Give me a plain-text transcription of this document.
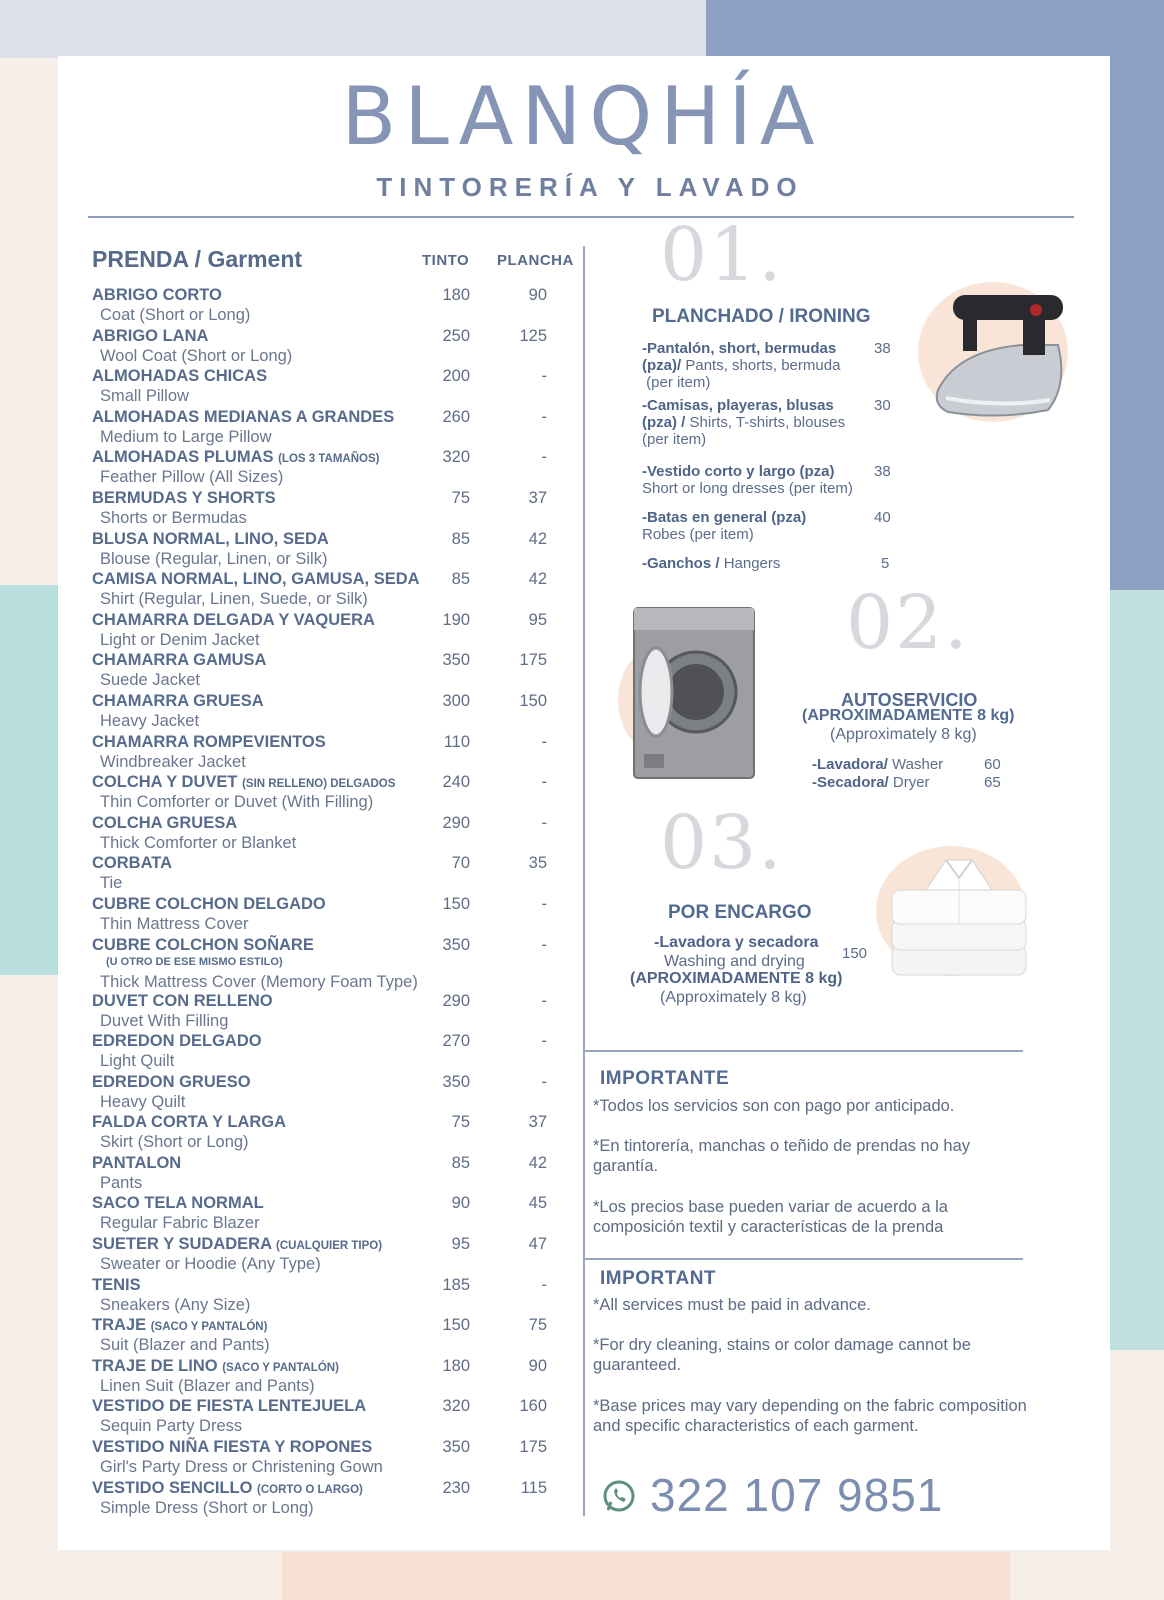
BLANQHÍA
TINTORERÍA Y LAVADO
PRENDA / Garment	TINTO PLANCHA
ABRIGO CORTO
Coat (Short or Long)
180	90
ABRIGO LANA
Wool Coat (Short or Long)
250	125
ALMOHADAS CHICAS
Small Pillow
200	-
ALMOHADAS MEDIANAS A GRANDES
Medium to Large Pillow
260	-
ALMOHADAS PLUMAS (LOS 3 TAMAÑOS)
Feather Pillow (All Sizes)
320	-
BERMUDAS Y SHORTS
Shorts or Bermudas
75	37
BLUSA NORMAL, LINO, SEDA
Blouse (Regular, Linen, or Silk)
85	42
CAMISA NORMAL, LINO, GAMUSA, SEDA
Shirt (Regular, Linen, Suede, or Silk)
85	42
CHAMARRA DELGADA Y VAQUERA
Light or Denim Jacket
190	95
CHAMARRA GAMUSA
Suede Jacket
350	175
CHAMARRA GRUESA
Heavy Jacket
300	150
CHAMARRA ROMPEVIENTOS
Windbreaker Jacket
110	-
COLCHA Y DUVET (SIN RELLENO) DELGADOS
Thin Comforter or Duvet (With Filling)
240	-
COLCHA GRUESA
Thick Comforter or Blanket
290	-
CORBATA
Tie
70	35
CUBRE COLCHON DELGADO
Thin Mattress Cover
150	-
CUBRE COLCHON SOÑARE
(U OTRO DE ESE MISMO ESTILO)
Thick Mattress Cover (Memory Foam Type)
350	-
DUVET CON RELLENO
Duvet With Filling
290	-
EDREDON DELGADO
Light Quilt
270	-
EDREDON GRUESO
Heavy Quilt
350	-
FALDA CORTA Y LARGA
Skirt (Short or Long)
75	37
PANTALON
Pants
85	42
SACO TELA NORMAL
Regular Fabric Blazer
90	45
SUETER Y SUDADERA (CUALQUIER TIPO)
Sweater or Hoodie (Any Type)
95	47
TENIS
Sneakers (Any Size)
185	-
TRAJE (SACO Y PANTALÓN)
Suit (Blazer and Pants)
150	75
TRAJE DE LINO (SACO Y PANTALÓN)
Linen Suit (Blazer and Pants)
180	90
VESTIDO DE FIESTA LENTEJUELA
Sequin Party Dress
320	160
VESTIDO NIÑA FIESTA Y ROPONES
Girl's Party Dress or Christening Gown
350	175
VESTIDO SENCILLO (CORTO O LARGO)
Simple Dress (Short or Long)
230	115
01.
PLANCHADO / IRONING
-Pantalón, short, bermudas
(pza)/ Pants, shorts, bermuda
(per item)
38
-Camisas, playeras, blusas
(pza) / Shirts, T-shirts, blouses
(per item)
30
-Vestido corto y largo (pza)
Short or long dresses (per item)
38
-Batas en general (pza)
Robes (per item)
40
-Ganchos / Hangers	5
02.
AUTOSERVICIO
(APROXIMADAMENTE 8 kg)
(Approximately 8 kg)
-Lavadora/ Washer	60
-Secadora/ Dryer	65
03.
POR ENCARGO
-Lavadora y secadora
Washing and drying
(APROXIMADAMENTE 8 kg)
(Approximately 8 kg)
150
IMPORTANTE
*Todos los servicios son con pago por anticipado.
*En tintorería, manchas o teñido de prendas no hay garantía.
*Los precios base pueden variar de acuerdo a la composición textil y características de la prenda
IMPORTANT
*All services must be paid in advance.
*For dry cleaning, stains or color damage cannot be guaranteed.
*Base prices may vary depending on the fabric composition and specific characteristics of each garment.
322 107 9851
